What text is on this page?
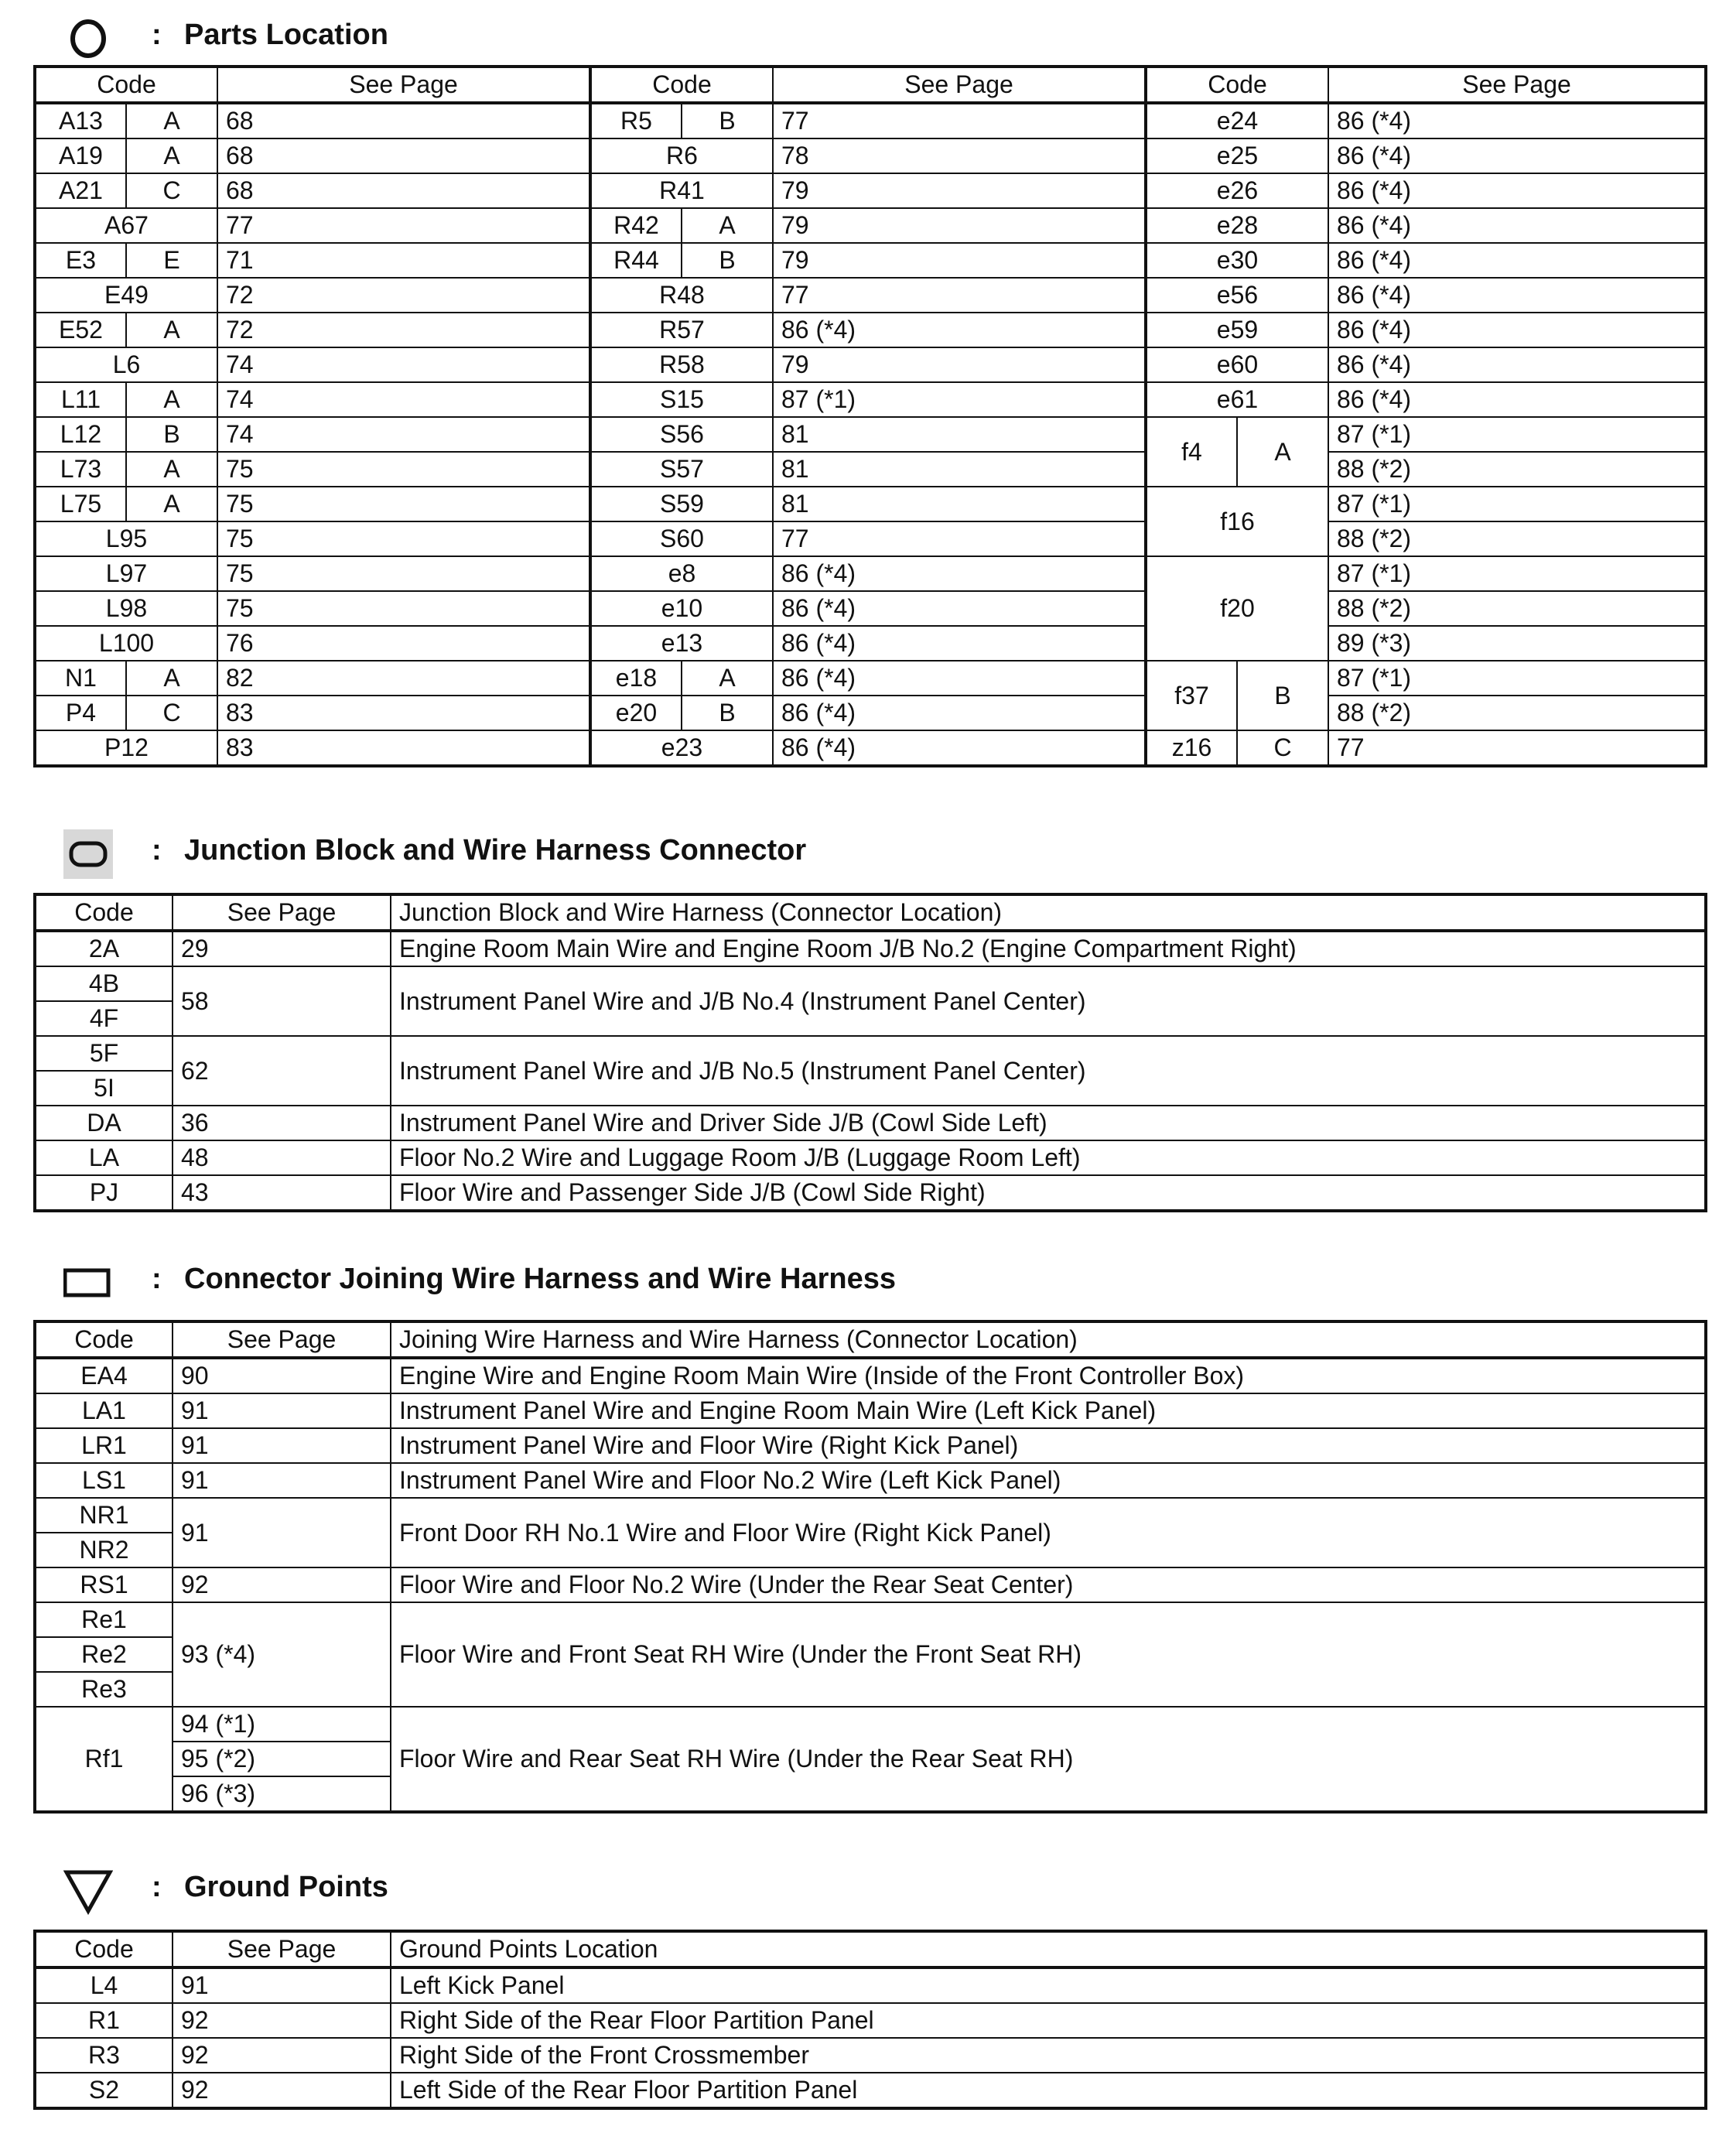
: Parts Location
Code		See Page	Code		See Page	Code		See Page
A13	A	68	R5	B	77	e24		86 (*4)
A19	A	68	R6		78	e25		86 (*4)
A21	C	68	R41		79	e26		86 (*4)
A67		77	R42	A	79	e28		86 (*4)
E3	E	71	R44	B	79	e30		86 (*4)
E49		72	R48		77	e56		86 (*4)
E52	A	72	R57		86 (*4)	e59		86 (*4)
L6		74	R58		79	e60		86 (*4)
L11	A	74	S15		87 (*1)	e61		86 (*4)
L12	B	74	S56		81	f4	A	87 (*1)
L73	A	75	S57		81			88 (*2)
L75	A	75	S59		81	f16		87 (*1)
L95		75	S60		77			88 (*2)
L97		75	e8		86 (*4)	f20		87 (*1)
L98		75	e10		86 (*4)			88 (*2)
L100		76	e13		86 (*4)			89 (*3)
N1	A	82	e18	A	86 (*4)	f37	B	87 (*1)
P4	C	83	e20	B	86 (*4)			88 (*2)
P12		83	e23		86 (*4)	z16	C	77
: Junction Block and Wire Harness Connector
Code	See Page	Junction Block and Wire Harness (Connector Location)
2A	29	Engine Room Main Wire and Engine Room J/B No.2 (Engine Compartment Right)
4B	58	Instrument Panel Wire and J/B No.4 (Instrument Panel Center)
4F		
5F	62	Instrument Panel Wire and J/B No.5 (Instrument Panel Center)
5I		
DA	36	Instrument Panel Wire and Driver Side J/B (Cowl Side Left)
LA	48	Floor No.2 Wire and Luggage Room J/B (Luggage Room Left)
PJ	43	Floor Wire and Passenger Side J/B (Cowl Side Right)
: Connector Joining Wire Harness and Wire Harness
Code	See Page	Joining Wire Harness and Wire Harness (Connector Location)
EA4	90	Engine Wire and Engine Room Main Wire (Inside of the Front Controller Box)
LA1	91	Instrument Panel Wire and Engine Room Main Wire (Left Kick Panel)
LR1	91	Instrument Panel Wire and Floor Wire (Right Kick Panel)
LS1	91	Instrument Panel Wire and Floor No.2 Wire (Left Kick Panel)
NR1	91	Front Door RH No.1 Wire and Floor Wire (Right Kick Panel)
NR2		
RS1	92	Floor Wire and Floor No.2 Wire (Under the Rear Seat Center)
Re1	93 (*4)	Floor Wire and Front Seat RH Wire (Under the Front Seat RH)
Re2		
Re3		
Rf1	94 (*1)	Floor Wire and Rear Seat RH Wire (Under the Rear Seat RH)
	95 (*2)	
	96 (*3)	
: Ground Points
Code	See Page	Ground Points Location
L4	91	Left Kick Panel
R1	92	Right Side of the Rear Floor Partition Panel
R3	92	Right Side of the Front Crossmember
S2	92	Left Side of the Rear Floor Partition Panel
